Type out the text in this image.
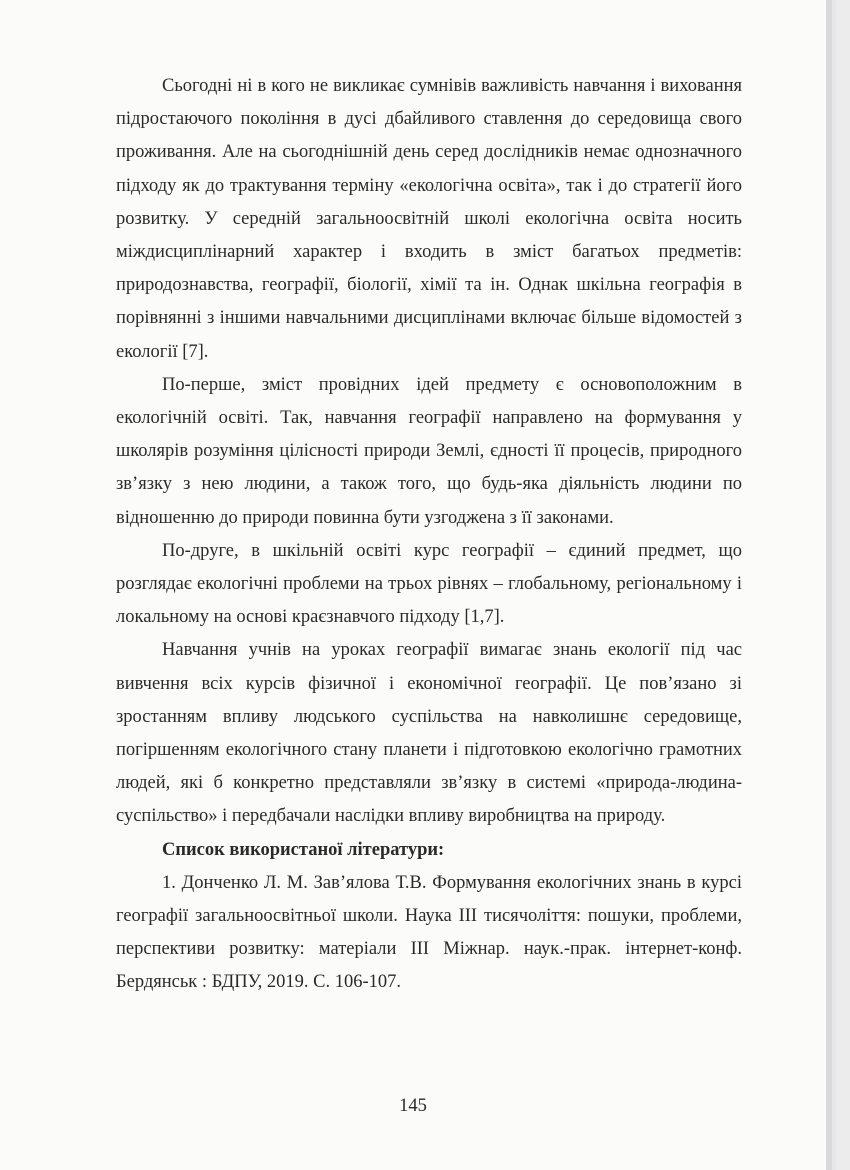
Сьогодні ні в кого не викликає сумнівів важливість навчання і виховання підростаючого покоління в дусі дбайливого ставлення до середовища свого проживання. Але на сьогоднішній день серед дослідників немає однозначного підходу як до трактування терміну «екологічна освіта», так і до стратегії його розвитку. У середній загальноосвітній школі екологічна освіта носить міждисциплінарний характер і входить в зміст багатьох предметів: природознавства, географії, біології, хімії та ін. Однак шкільна географія в порівнянні з іншими навчальними дисциплінами включає більше відомостей з екології [7].

По-перше, зміст провідних ідей предмету є основоположним в екологічній освіті. Так, навчання географії направлено на формування у школярів розуміння цілісності природи Землі, єдності її процесів, природного зв’язку з нею людини, а також того, що будь-яка діяльність людини по відношенню до природи повинна бути узгоджена з її законами.

По-друге, в шкільній освіті курс географії – єдиний предмет, що розглядає екологічні проблеми на трьох рівнях – глобальному, регіональному і локальному на основі краєзнавчого підходу [1,7].

Навчання учнів на уроках географії вимагає знань екології під час вивчення всіх курсів фізичної і економічної географії. Це пов’язано зі зростанням впливу людського суспільства на навколишнє середовище, погіршенням екологічного стану планети і підготовкою екологічно грамотних людей, які б конкретно представляли зв’язку в системі «природа-людина-суспільство» і передбачали наслідки впливу виробництва на природу.

Список використаної літератури:

1. Донченко Л. М. Зав’ялова Т.В. Формування екологічних знань в курсі географії загальноосвітньої школи. Наука ІІІ тисячоліття: пошуки, проблеми, перспективи розвитку: матеріали ІІІ Міжнар. наук.-прак. інтернет-конф. Бердянськ : БДПУ, 2019. С. 106-107.

145
